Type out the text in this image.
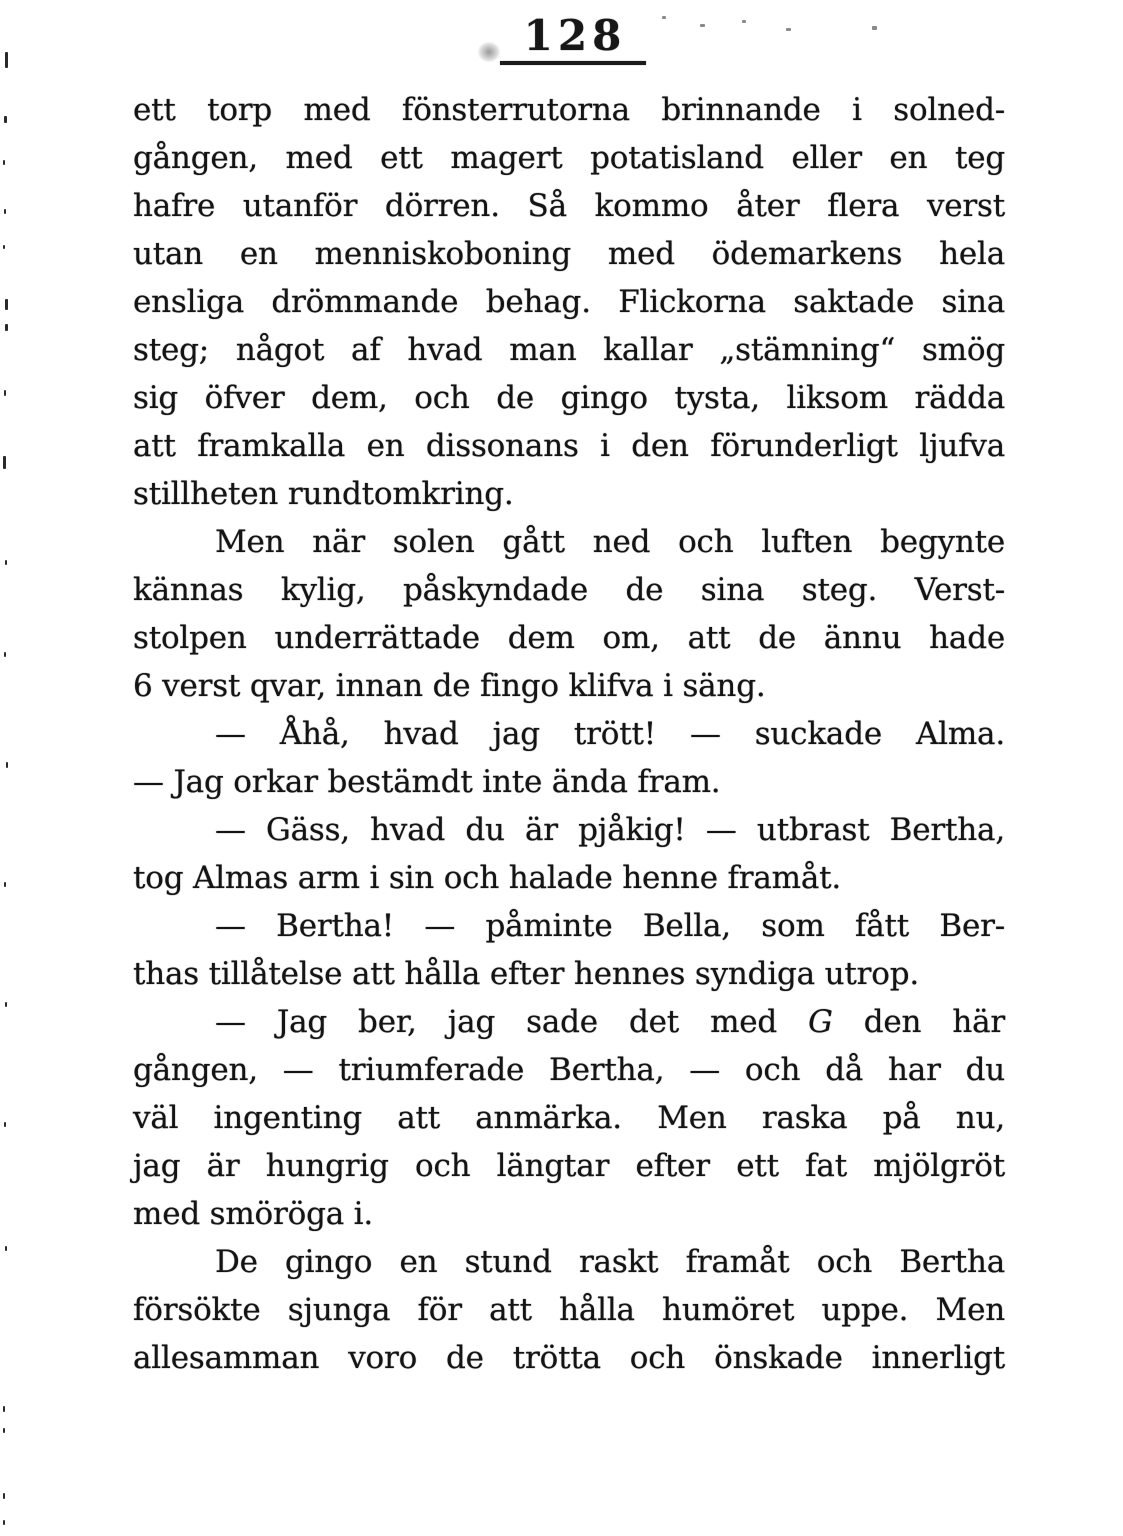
128
ett torp med fönsterrutorna brinnande i solned-
gången, med ett magert potatisland eller en teg
hafre utanför dörren. Så kommo åter flera verst
utan en menniskoboning med ödemarkens hela
ensliga drömmande behag. Flickorna saktade sina
steg; något af hvad man kallar „stämning“ smög
sig öfver dem, och de gingo tysta, liksom rädda
att framkalla en dissonans i den förunderligt ljufva
stillheten rundtomkring.
Men när solen gått ned och luften begynte
kännas kylig, påskyndade de sina steg. Verst-
stolpen underrättade dem om, att de ännu hade
6 verst qvar, innan de fingo klifva i säng.
— Åhå, hvad jag trött! — suckade Alma.
— Jag orkar bestämdt inte ända fram.
— Gäss, hvad du är pjåkig! — utbrast Bertha,
tog Almas arm i sin och halade henne framåt.
— Bertha! — påminte Bella, som fått Ber-
thas tillåtelse att hålla efter hennes syndiga utrop.
— Jag ber, jag sade det med G den här
gången, — triumferade Bertha, — och då har du
väl ingenting att anmärka. Men raska på nu,
jag är hungrig och längtar efter ett fat mjölgröt
med smöröga i.
De gingo en stund raskt framåt och Bertha
försökte sjunga för att hålla humöret uppe. Men
allesamman voro de trötta och önskade innerligt
